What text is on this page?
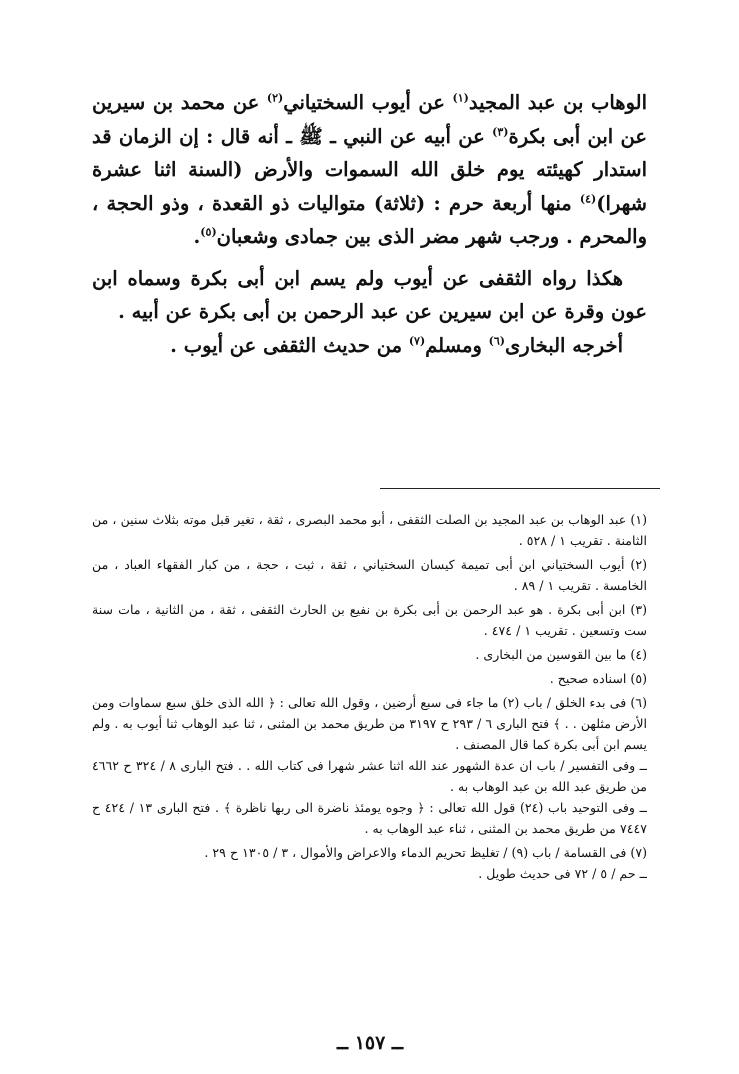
الوهاب بن عبد المجيد$^{(١)}$ عن أيوب السختياني$^{(٢)}$ عن محمد بن سيرين عن ابن أبى بكرة$^{(٣)}$ عن أبيه عن النبي ـ ﷺ ـ أنه قال : إن الزمان قد استدار كهيئته يوم خلق الله السموات والأرض (السنة اثنا عشرة شهرا)$^{(٤)}$ منها أربعة حرم : (ثلاثة) متواليات ذو القعدة ، وذو الحجة ، والمحرم . ورجب شهر مضر الذى بين جمادى وشعبان$^{(٥)}$.

هكذا رواه الثقفى عن أيوب ولم يسم ابن أبى بكرة وسماه ابن عون وقرة عن ابن سيرين عن عبد الرحمن بن أبى بكرة عن أبيه .

أخرجه البخارى$^{(٦)}$ ومسلم$^{(٧)}$ من حديث الثقفى عن أيوب .

(١) عبد الوهاب بن عبد المجيد بن الصلت الثقفى ، أبو محمد البصرى ، ثقة ، تغير قبل موته بثلاث سنين ، من الثامنة . تقريب ١ / ٥٢٨ .

(٢) أيوب السختياني ابن أبى تميمة كيسان السختياني ، ثقة ، ثبت ، حجة ، من كبار الفقهاء العباد ، من الخامسة . تقريب ١ / ٨٩ .

(٣) ابن أبى بكرة . هو عبد الرحمن بن أبى بكرة بن نفيع بن الحارث الثقفى ، ثقة ، من الثانية ، مات سنة ست وتسعين . تقريب ١ / ٤٧٤ .

(٤) ما بين القوسين من البخارى .

(٥) اسناده صحيح .

(٦) فى بدء الخلق / باب (٢) ما جاء فى سبع أرضين ، وقول الله تعالى : ﴿ الله الذى خلق سبع سماوات ومن الأرض مثلهن . . ﴾ فتح البارى ٦ / ٢٩٣ ح ٣١٩٧ من طريق محمد بن المثنى ، ثنا عبد الوهاب ثنا أيوب به . ولم يسم ابن أبى بكرة كما قال المصنف .

ــ وفى التفسير / باب ان عدة الشهور عند الله اثنا عشر شهرا فى كتاب الله . . فتح البارى ٨ / ٣٢٤ ح ٤٦٦٢ من طريق عبد الله بن عبد الوهاب به .

ــ وفى التوحيد باب (٢٤) قول الله تعالى : ﴿ وجوه يومئذ ناضرة الى ربها ناظرة ﴾ . فتح البارى ١٣ / ٤٢٤ ح ٧٤٤٧ من طريق محمد بن المثنى ، ثناء عبد الوهاب به .

(٧) فى القسامة / باب (٩) / تغليظ تحريم الدماء والاعراض والأموال ، ٣ / ١٣٠٥ ح ٢٩ .

ــ حم / ٥ / ٧٢ فى حديث طويل .

ــ ١٥٧ ــ
